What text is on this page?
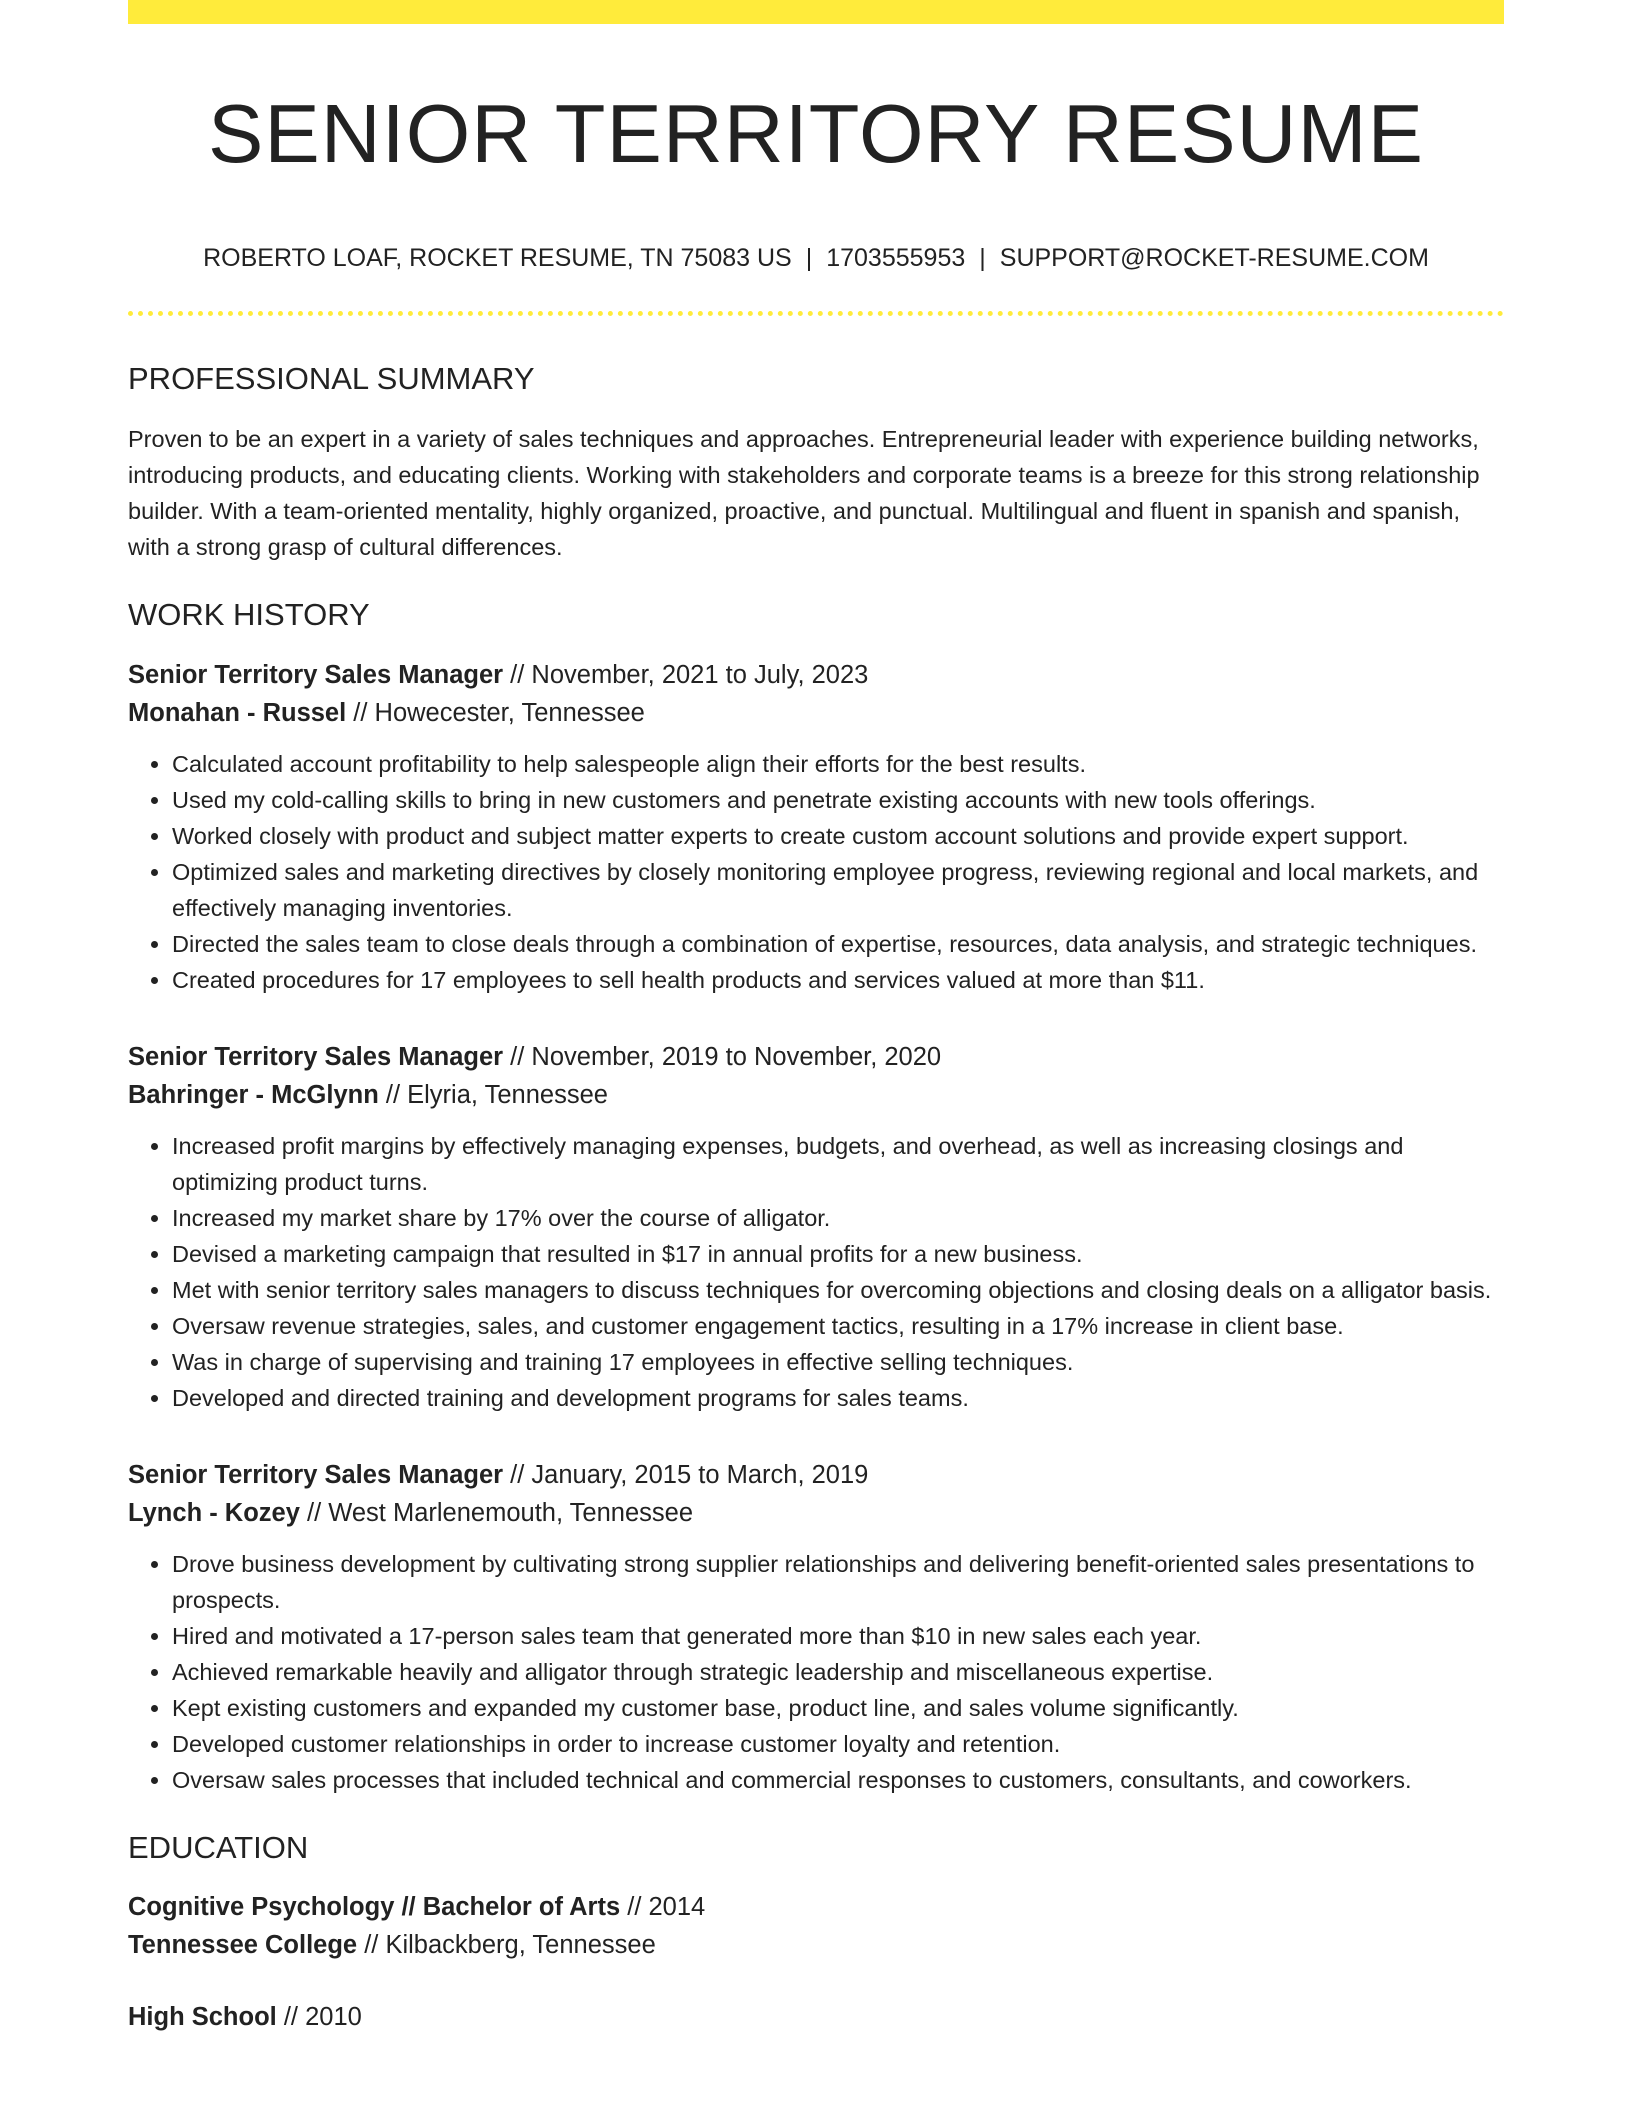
SENIOR TERRITORY RESUME
ROBERTO LOAF, ROCKET RESUME, TN 75083 US | 1703555953 | SUPPORT@ROCKET-RESUME.COM
PROFESSIONAL SUMMARY

Proven to be an expert in a variety of sales techniques and approaches. Entrepreneurial leader with experience building networks, introducing products, and educating clients. Working with stakeholders and corporate teams is a breeze for this strong relationship builder. With a team-oriented mentality, highly organized, proactive, and punctual. Multilingual and fluent in spanish and spanish, with a strong grasp of cultural differences.

WORK HISTORY
Senior Territory Sales Manager // November, 2021 to July, 2023
Monahan - Russel // Howecester, Tennessee
• Calculated account profitability to help salespeople align their efforts for the best results.
• Used my cold-calling skills to bring in new customers and penetrate existing accounts with new tools offerings.
• Worked closely with product and subject matter experts to create custom account solutions and provide expert support.
• Optimized sales and marketing directives by closely monitoring employee progress, reviewing regional and local markets, and effectively managing inventories.
• Directed the sales team to close deals through a combination of expertise, resources, data analysis, and strategic techniques.
• Created procedures for 17 employees to sell health products and services valued at more than $11.
Senior Territory Sales Manager // November, 2019 to November, 2020
Bahringer - McGlynn // Elyria, Tennessee
• Increased profit margins by effectively managing expenses, budgets, and overhead, as well as increasing closings and optimizing product turns.
• Increased my market share by 17% over the course of alligator.
• Devised a marketing campaign that resulted in $17 in annual profits for a new business.
• Met with senior territory sales managers to discuss techniques for overcoming objections and closing deals on a alligator basis.
• Oversaw revenue strategies, sales, and customer engagement tactics, resulting in a 17% increase in client base.
• Was in charge of supervising and training 17 employees in effective selling techniques.
• Developed and directed training and development programs for sales teams.
Senior Territory Sales Manager // January, 2015 to March, 2019
Lynch - Kozey // West Marlenemouth, Tennessee
• Drove business development by cultivating strong supplier relationships and delivering benefit-oriented sales presentations to prospects.
• Hired and motivated a 17-person sales team that generated more than $10 in new sales each year.
• Achieved remarkable heavily and alligator through strategic leadership and miscellaneous expertise.
• Kept existing customers and expanded my customer base, product line, and sales volume significantly.
• Developed customer relationships in order to increase customer loyalty and retention.
• Oversaw sales processes that included technical and commercial responses to customers, consultants, and coworkers.
EDUCATION
Cognitive Psychology // Bachelor of Arts // 2014
Tennessee College // Kilbackberg, Tennessee
High School // 2010
